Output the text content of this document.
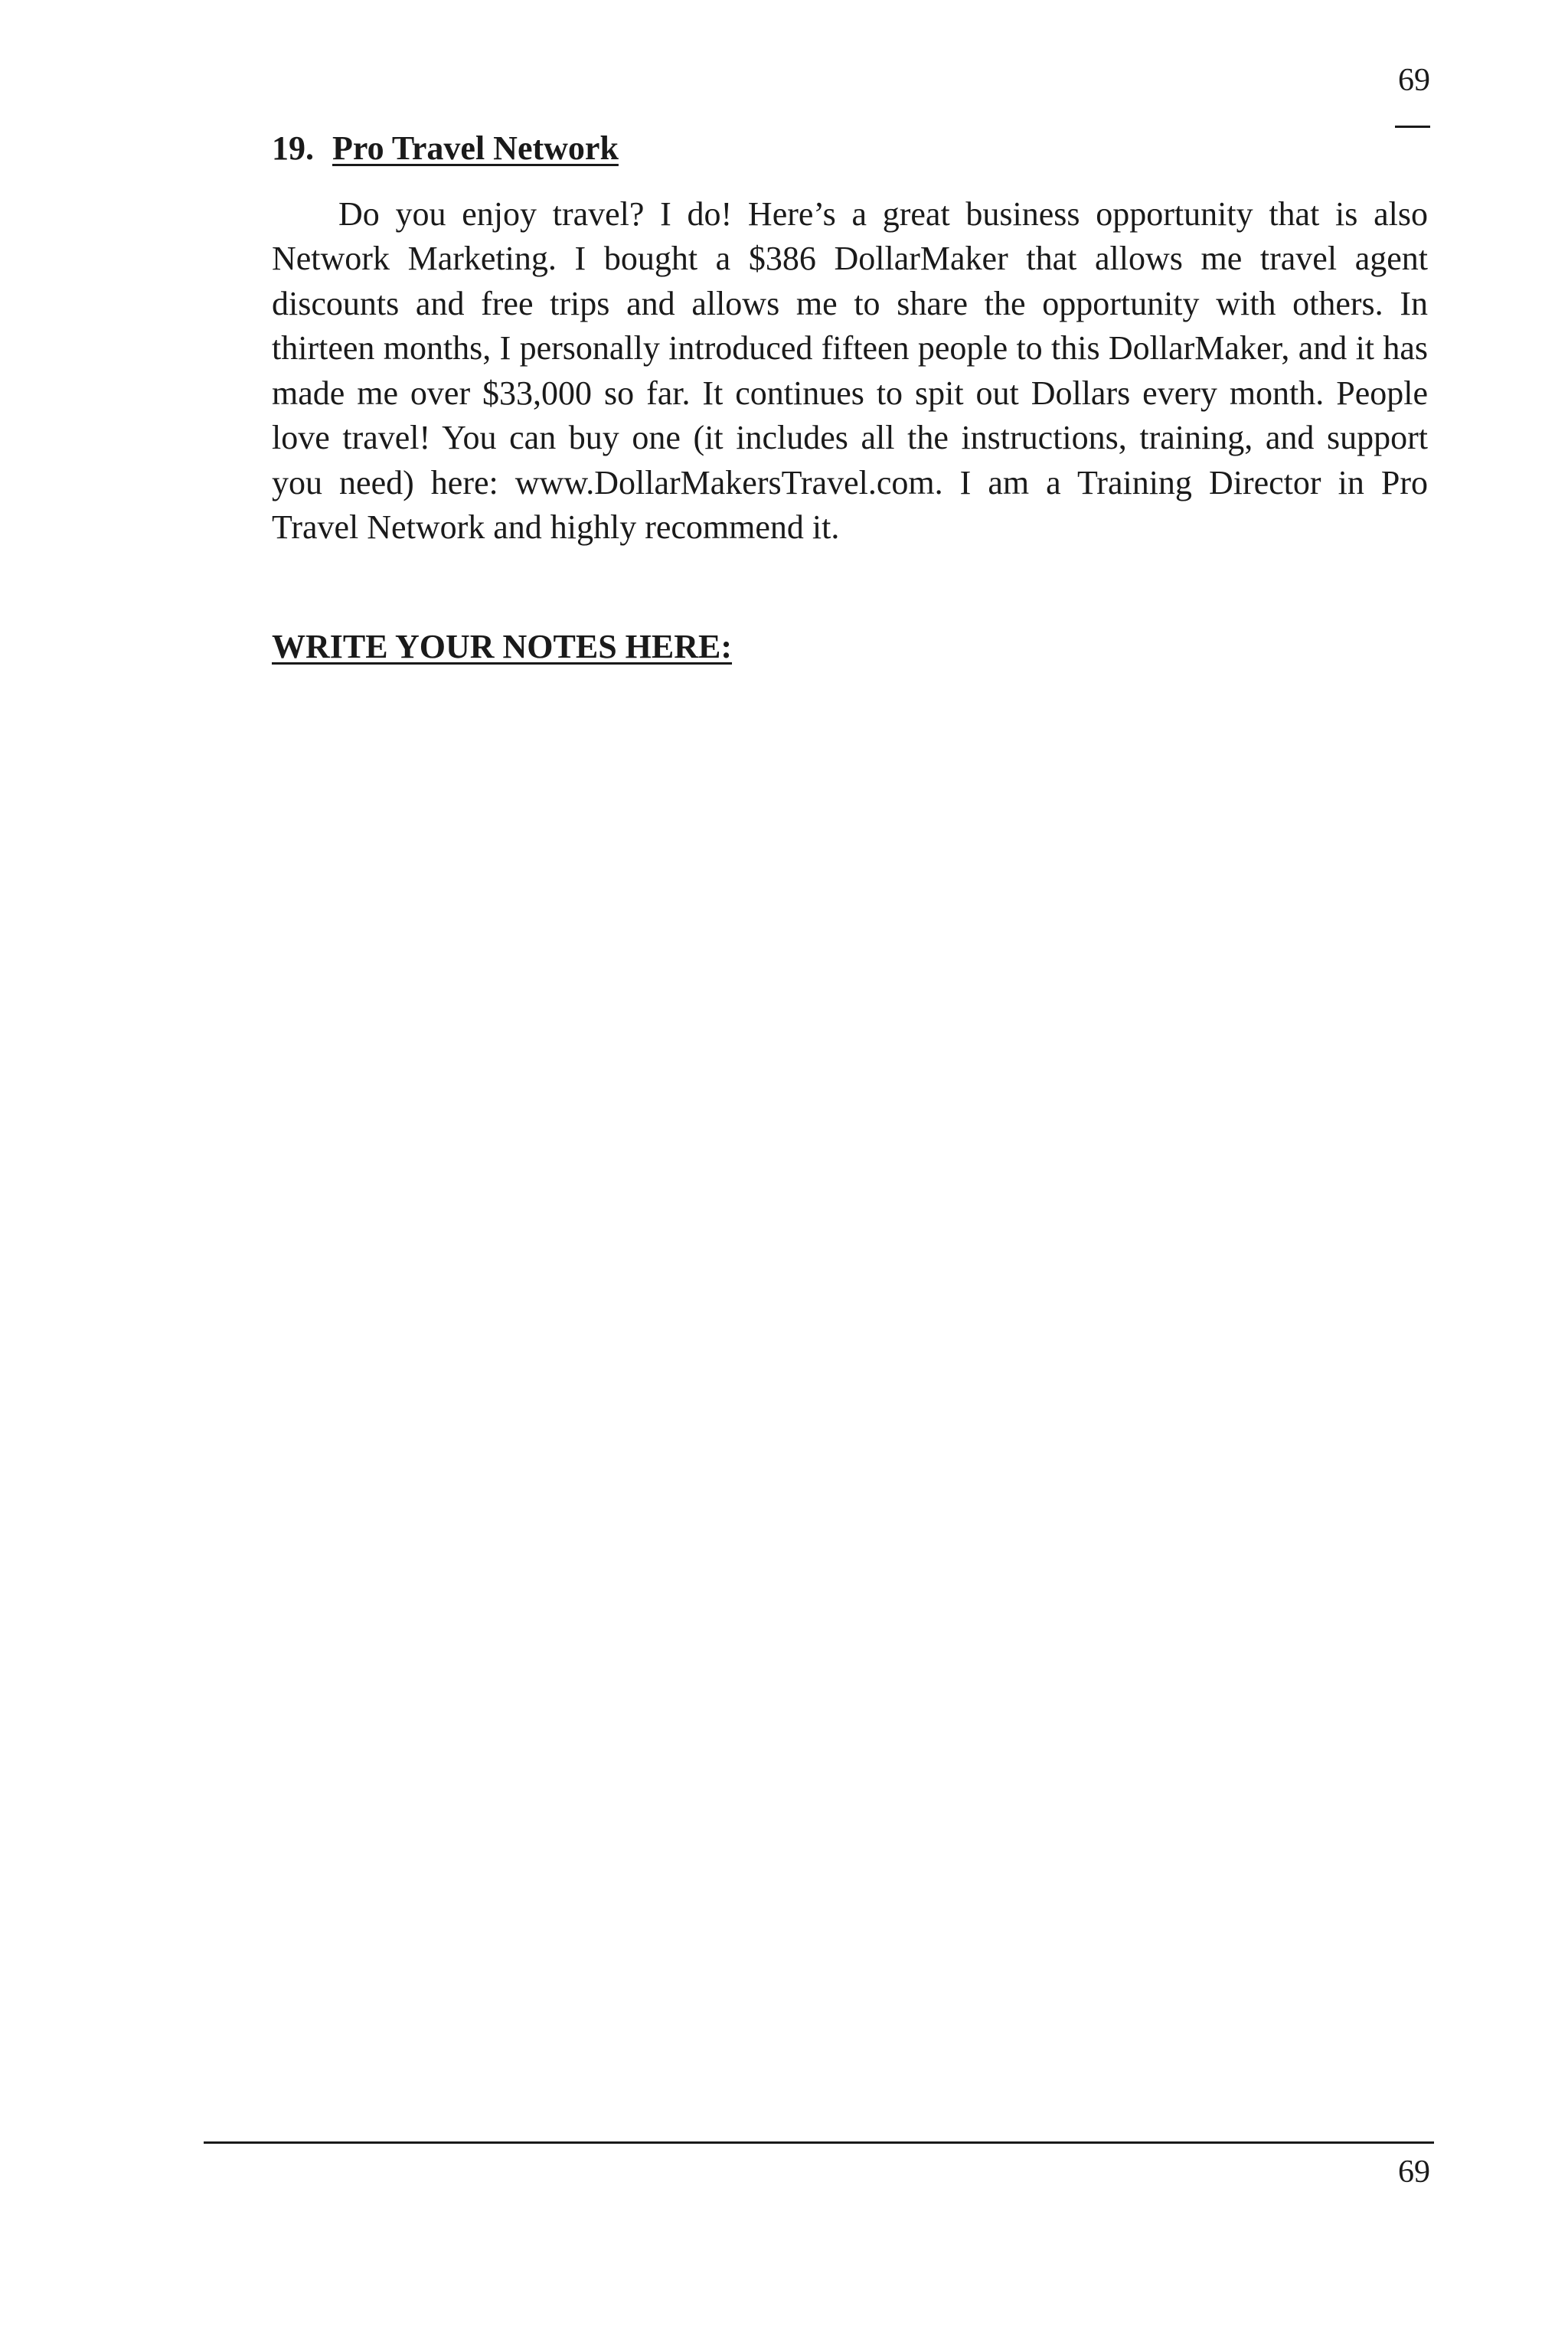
69
19. Pro Travel Network

Do you enjoy travel? I do! Here’s a great business opportunity that is also Network Marketing. I bought a $386 DollarMaker that allows me travel agent discounts and free trips and allows me to share the opportunity with others. In thirteen months, I personally introduced fifteen people to this DollarMaker, and it has made me over $33,000 so far. It continues to spit out Dollars every month. People love travel! You can buy one (it includes all the instructions, training, and support you need) here: www.DollarMakersTravel.com. I am a Training Director in Pro Travel Network and highly recommend it.

WRITE YOUR NOTES HERE:
69
